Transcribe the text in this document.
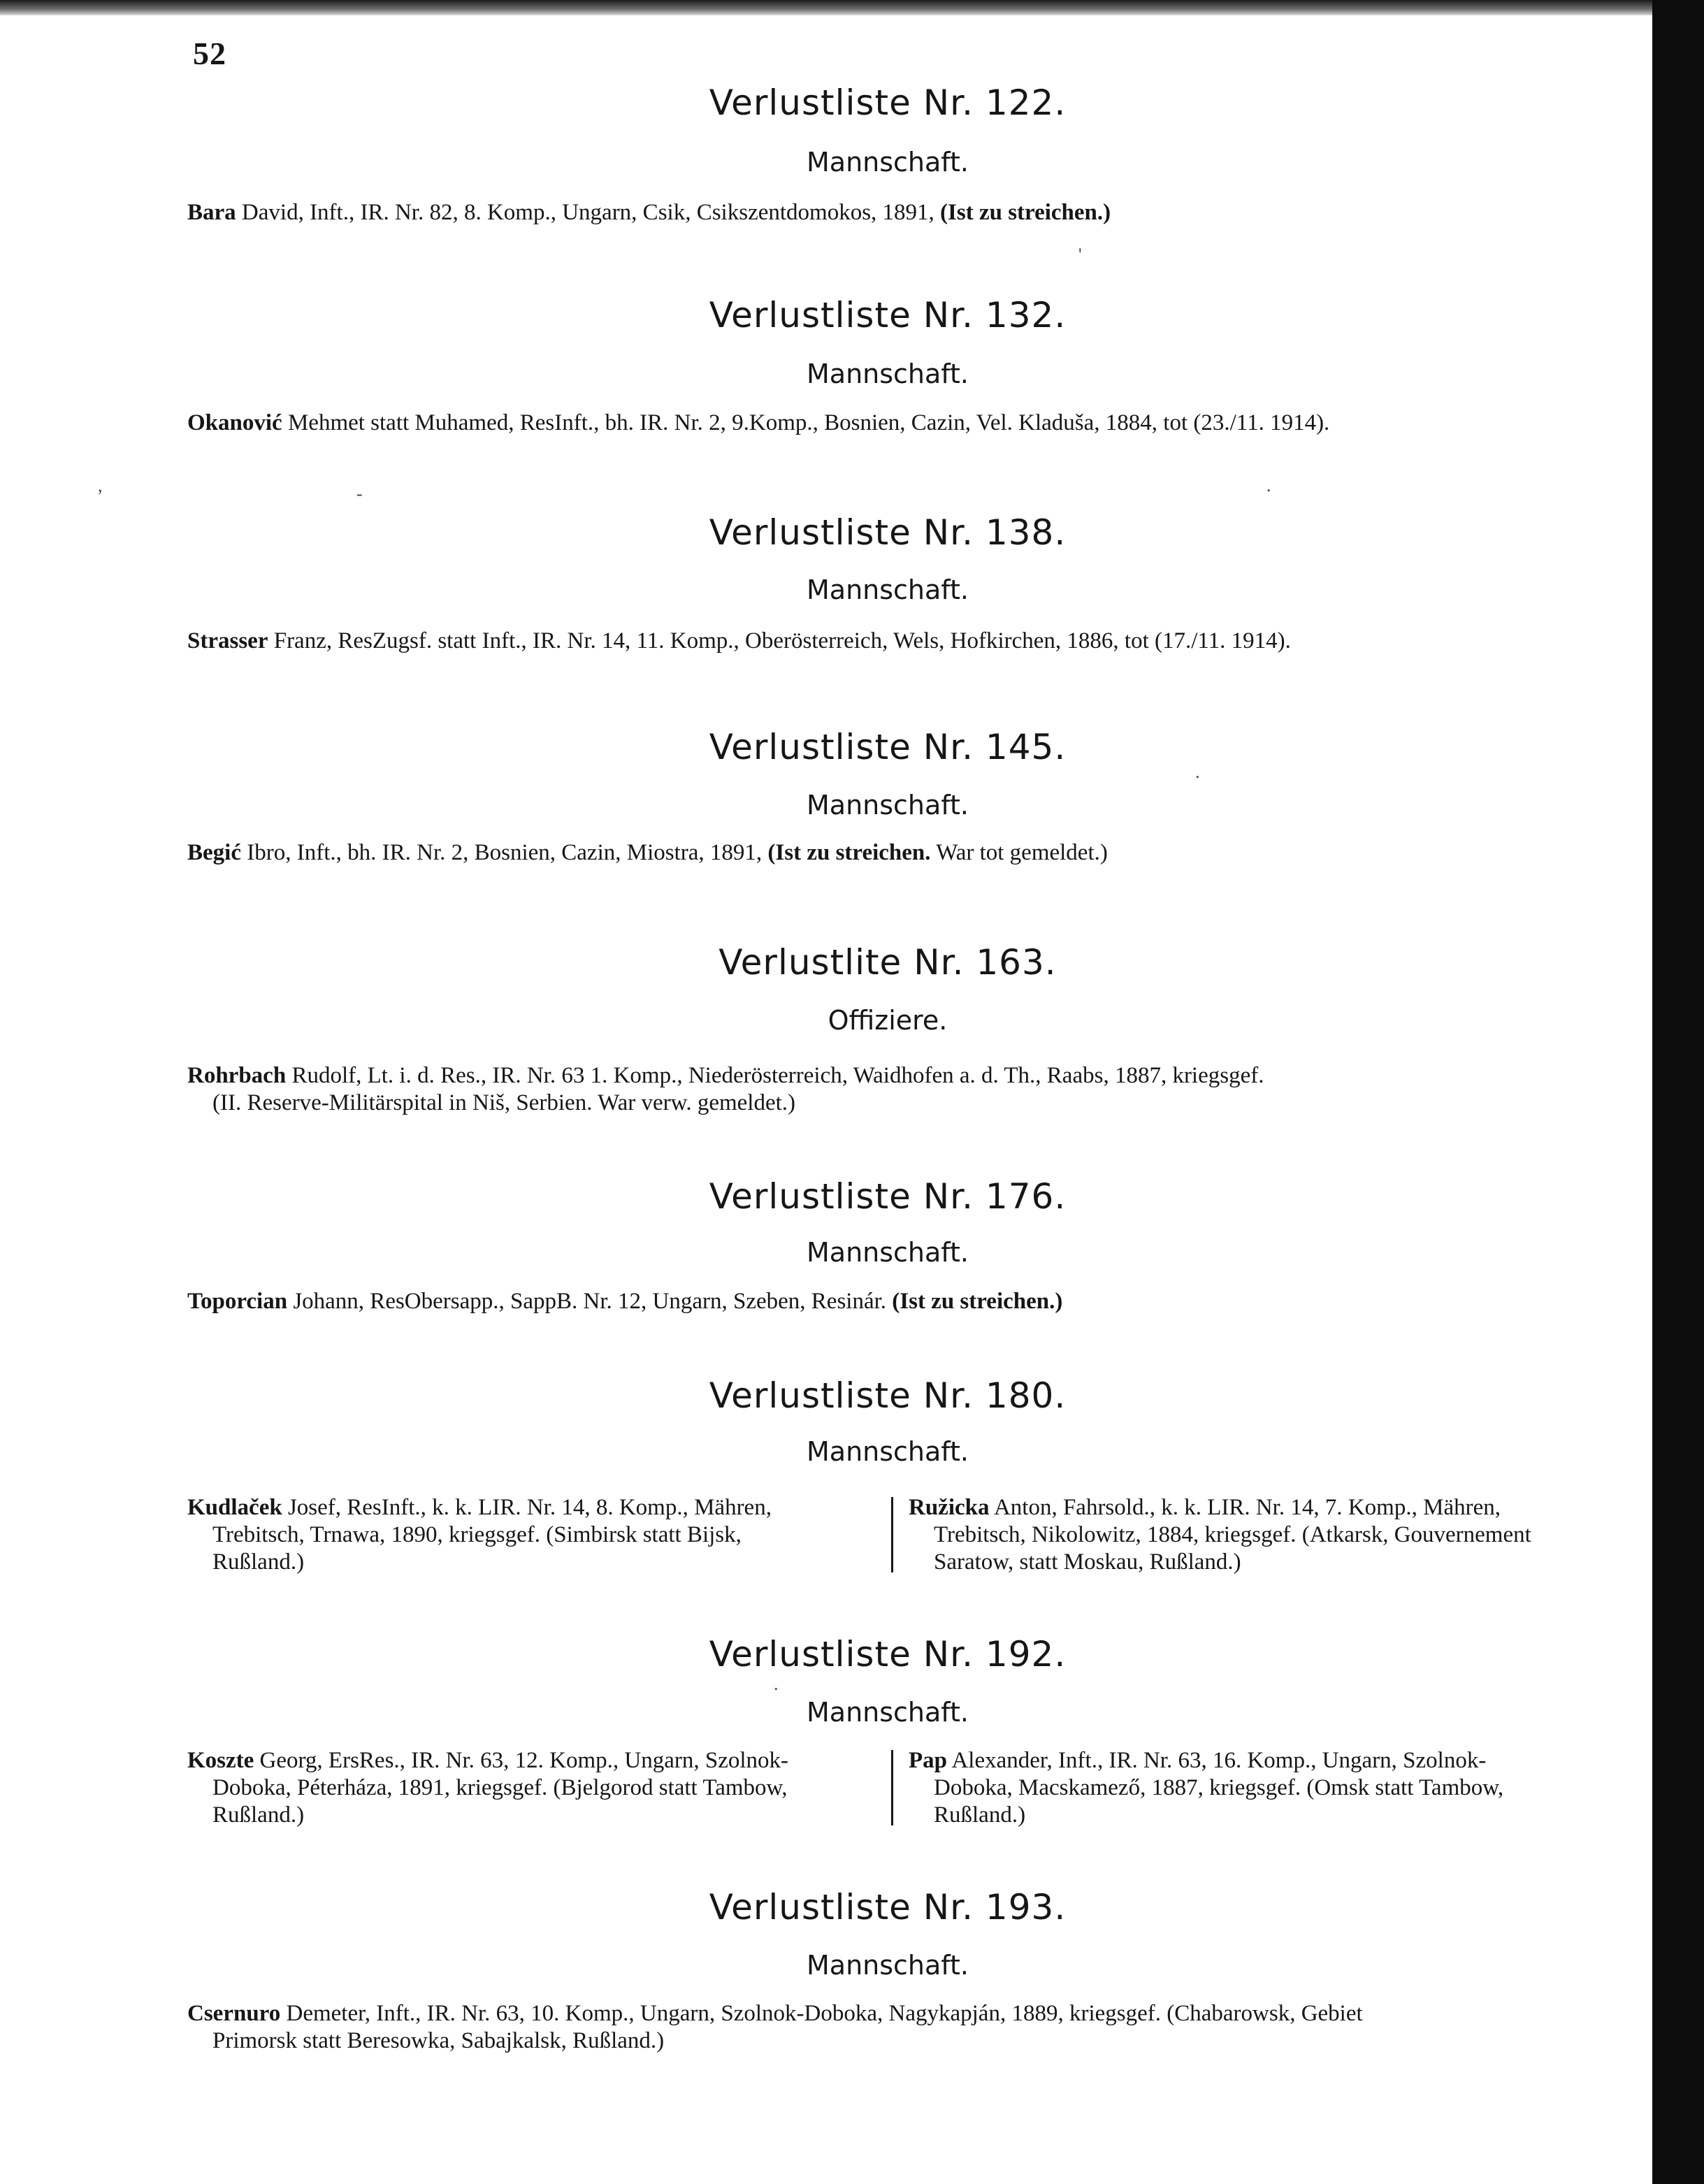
52
Verlustliste Nr. 122.
Mannschaft.
Bara David, Inft., IR. Nr. 82, 8. Komp., Ungarn, Csik, Csikszentdomokos, 1891, (Ist zu streichen.)
Verlustliste Nr. 132.
Mannschaft.
Okanović Mehmet statt Muhamed, ResInft., bh. IR. Nr. 2, 9.Komp., Bosnien, Cazin, Vel. Kladuša, 1884, tot (23./11. 1914).
Verlustliste Nr. 138.
Mannschaft.
Strasser Franz, ResZugsf. statt Inft., IR. Nr. 14, 11. Komp., Oberösterreich, Wels, Hofkirchen, 1886, tot (17./11. 1914).
Verlustliste Nr. 145.
Mannschaft.
Begić Ibro, Inft., bh. IR. Nr. 2, Bosnien, Cazin, Miostra, 1891, (Ist zu streichen. War tot gemeldet.)
Verlustlite Nr. 163.
Offiziere.
Rohrbach Rudolf, Lt. i. d. Res., IR. Nr. 63 1. Komp., Niederösterreich, Waidhofen a. d. Th., Raabs, 1887, kriegsgef.
(II. Reserve-Militärspital in Niš, Serbien. War verw. gemeldet.)
Verlustliste Nr. 176.
Mannschaft.
Toporcian Johann, ResObersapp., SappB. Nr. 12, Ungarn, Szeben, Resinár. (Ist zu streichen.)
Verlustliste Nr. 180.
Mannschaft.
Kudlaček Josef, ResInft., k. k. LIR. Nr. 14, 8. Komp., Mähren,
Trebitsch, Trnawa, 1890, kriegsgef. (Simbirsk statt Bijsk,
Rußland.)
Ružicka Anton, Fahrsold., k. k. LIR. Nr. 14, 7. Komp., Mähren,
Trebitsch, Nikolowitz, 1884, kriegsgef. (Atkarsk, Gouvernement
Saratow, statt Moskau, Rußland.)
Verlustliste Nr. 192.
Mannschaft.
Koszte Georg, ErsRes., IR. Nr. 63, 12. Komp., Ungarn, Szolnok-
Doboka, Péterháza, 1891, kriegsgef. (Bjelgorod statt Tambow,
Rußland.)
Pap Alexander, Inft., IR. Nr. 63, 16. Komp., Ungarn, Szolnok-
Doboka, Macskamező, 1887, kriegsgef. (Omsk statt Tambow,
Rußland.)
Verlustliste Nr. 193.
Mannschaft.
Csernuro Demeter, Inft., IR. Nr. 63, 10. Komp., Ungarn, Szolnok-Doboka, Nagykapján, 1889, kriegsgef. (Chabarowsk, Gebiet
Primorsk statt Beresowka, Sabajkalsk, Rußland.)
'
,	-	.
.
.
